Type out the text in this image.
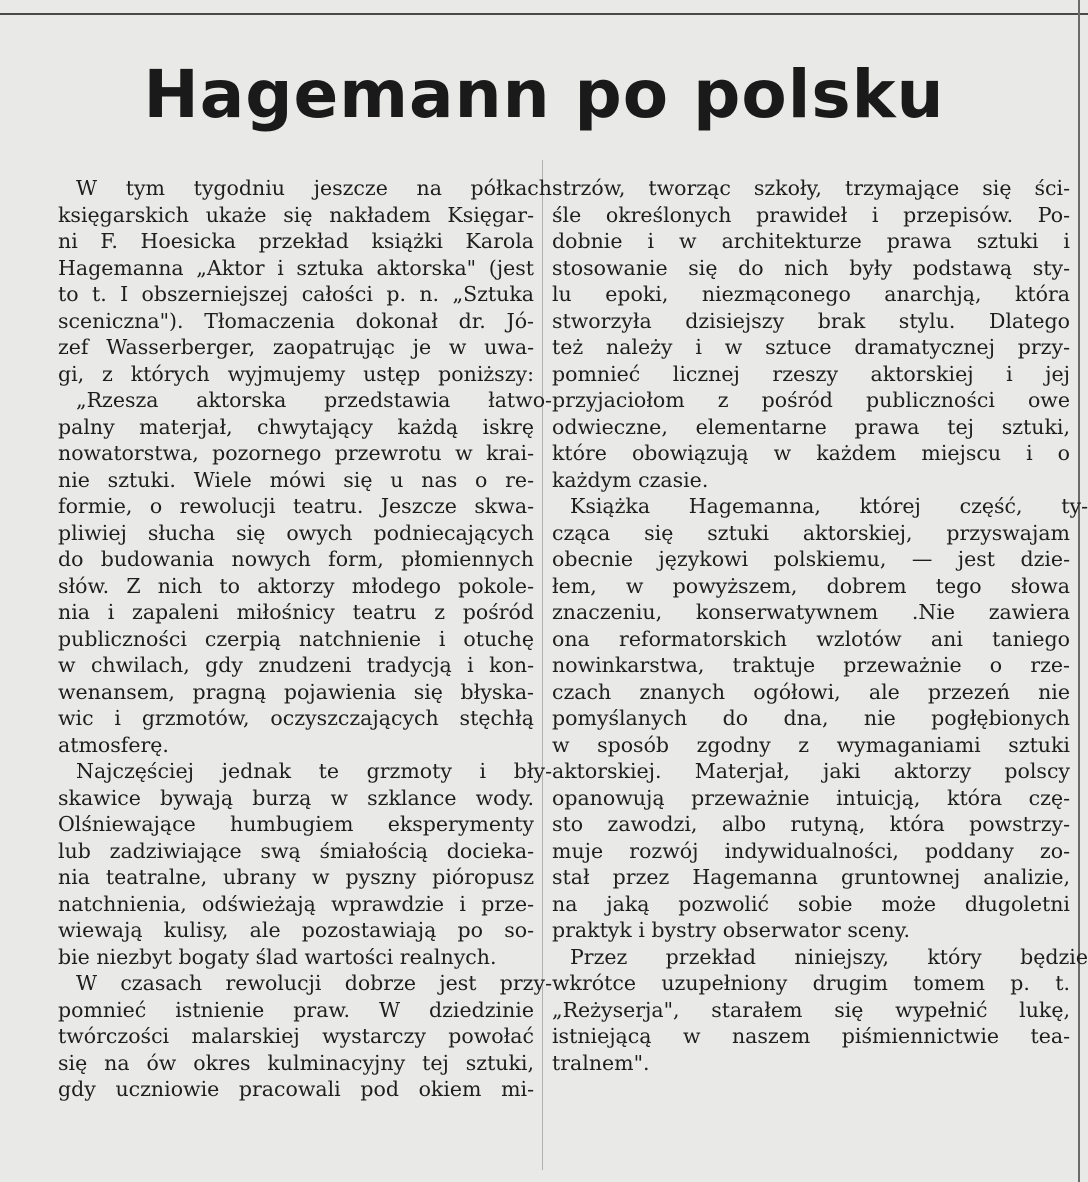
Hagemann po polsku
W tym tygodniu jeszcze na półkach
księgarskich ukaże się nakładem Księgar-
ni F. Hoesicka przekład książki Karola
Hagemanna „Aktor i sztuka aktorska" (jest
to t. I obszerniejszej całości p. n. „Sztuka
sceniczna"). Tłomaczenia dokonał dr. Jó-
zef Wasserberger, zaopatrując je w uwa-
gi, z których wyjmujemy ustęp poniższy:
„Rzesza aktorska przedstawia łatwo-
palny materjał, chwytający każdą iskrę
nowatorstwa, pozornego przewrotu w krai-
nie sztuki. Wiele mówi się u nas o re-
formie, o rewolucji teatru. Jeszcze skwa-
pliwiej słucha się owych podniecających
do budowania nowych form, płomiennych
słów. Z nich to aktorzy młodego pokole-
nia i zapaleni miłośnicy teatru z pośród
publiczności czerpią natchnienie i otuchę
w chwilach, gdy znudzeni tradycją i kon-
wenansem, pragną pojawienia się błyska-
wic i grzmotów, oczyszczających stęchłą
atmosferę.
Najczęściej jednak te grzmoty i bły-
skawice bywają burzą w szklance wody.
Olśniewające humbugiem eksperymenty
lub zadziwiające swą śmiałością docieka-
nia teatralne, ubrany w pyszny pióropusz
natchnienia, odświeżają wprawdzie i prze-
wiewają kulisy, ale pozostawiają po so-
bie niezbyt bogaty ślad wartości realnych.
W czasach rewolucji dobrze jest przy-
pomnieć istnienie praw. W dziedzinie
twórczości malarskiej wystarczy powołać
się na ów okres kulminacyjny tej sztuki,
gdy uczniowie pracowali pod okiem mi-
strzów, tworząc szkoły, trzymające się ści-
śle określonych prawideł i przepisów. Po-
dobnie i w architekturze prawa sztuki i
stosowanie się do nich były podstawą sty-
lu epoki, niezmąconego anarchją, która
stworzyła dzisiejszy brak stylu. Dlatego
też należy i w sztuce dramatycznej przy-
pomnieć licznej rzeszy aktorskiej i jej
przyjaciołom z pośród publiczności owe
odwieczne, elementarne prawa tej sztuki,
które obowiązują w każdem miejscu i o
każdym czasie.
Książka Hagemanna, której część, ty-
cząca się sztuki aktorskiej, przyswajam
obecnie językowi polskiemu, — jest dzie-
łem, w powyższem, dobrem tego słowa
znaczeniu, konserwatywnem .Nie zawiera
ona reformatorskich wzlotów ani taniego
nowinkarstwa, traktuje przeważnie o rze-
czach znanych ogółowi, ale przezeń nie
pomyślanych do dna, nie pogłębionych
w sposób zgodny z wymaganiami sztuki
aktorskiej. Materjał, jaki aktorzy polscy
opanowują przeważnie intuicją, która czę-
sto zawodzi, albo rutyną, która powstrzy-
muje rozwój indywidualności, poddany zo-
stał przez Hagemanna gruntownej analizie,
na jaką pozwolić sobie może długoletni
praktyk i bystry obserwator sceny.
Przez przekład niniejszy, który będzie
wkrótce uzupełniony drugim tomem p. t.
„Reżyserja", starałem się wypełnić lukę,
istniejącą w naszem piśmiennictwie tea-
tralnem".
